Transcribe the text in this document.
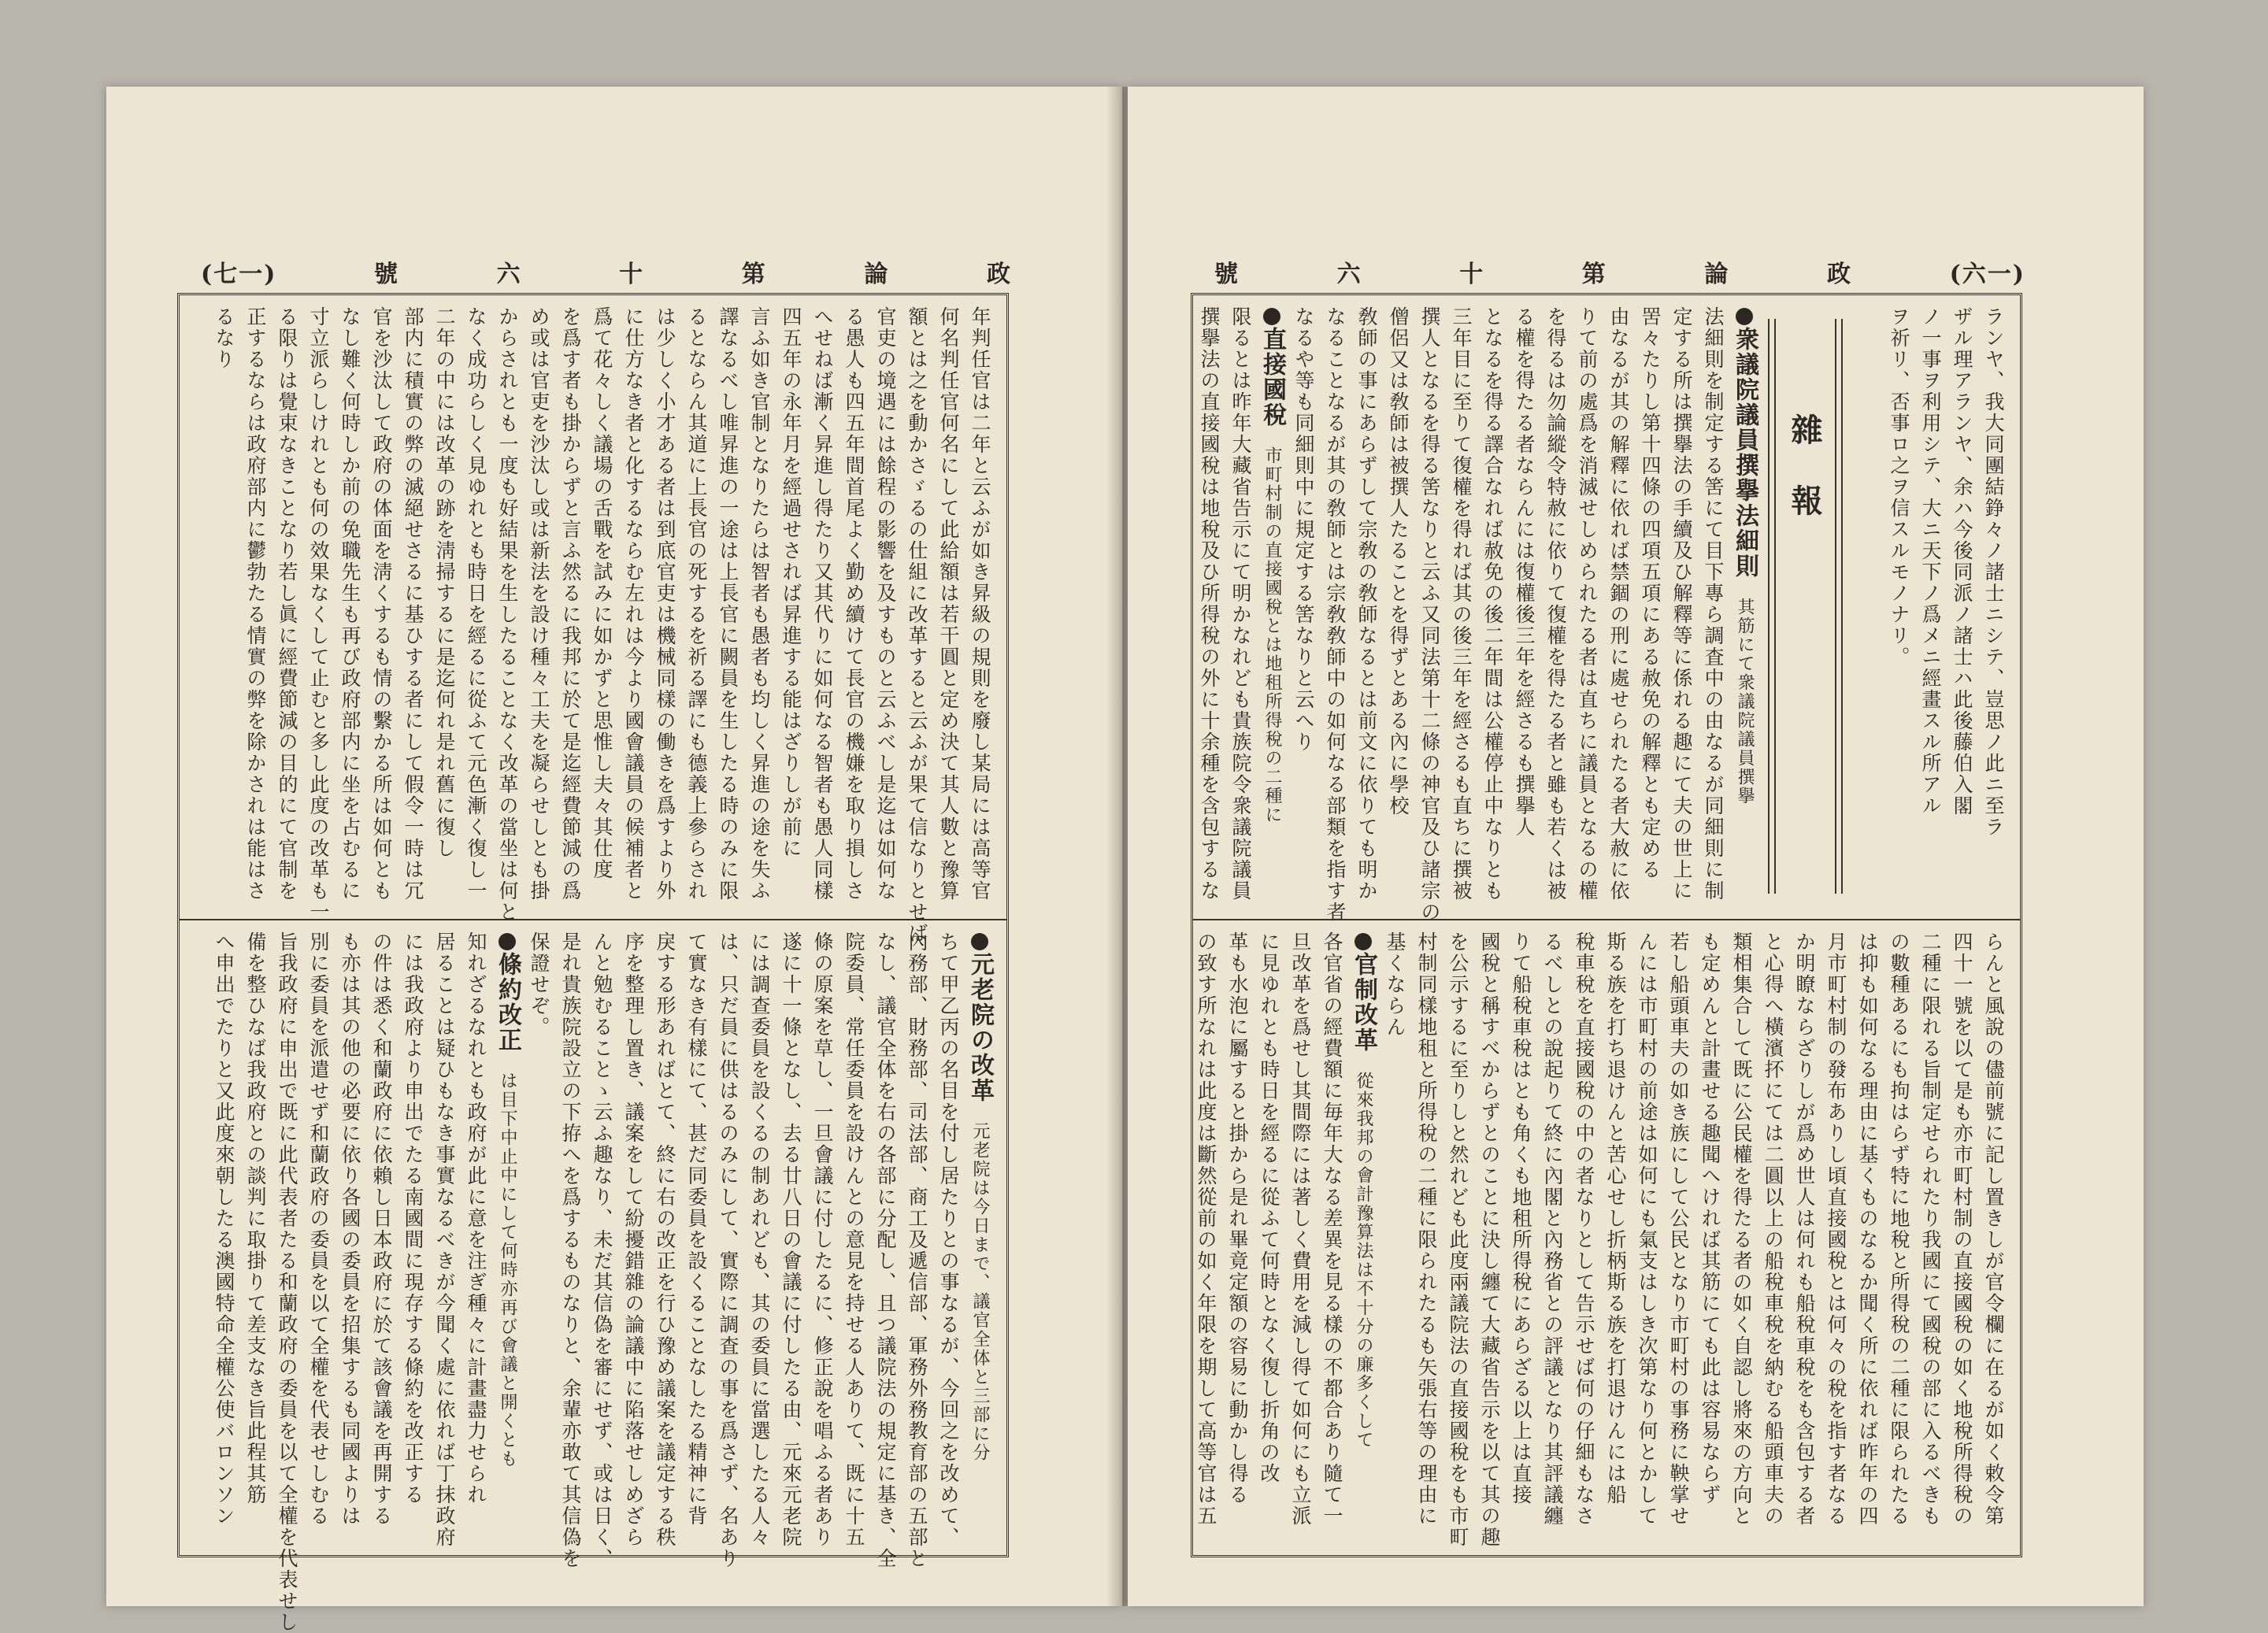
(七一)	號	六	十	第	論	政
年判任官は二年と云ふが如き昇級の規則を廢し某局には高等官
何名判任官何名にして此給額は若干圓と定め決て其人數と豫算
額とは之を動かさゞるの仕組に改革すると云ふが果て信なりとせば
官吏の境遇には餘程の影響を及すものと云ふべし是迄は如何な
る愚人も四五年間首尾よく勤め續けて長官の機嫌を取り損しさ
へせねば漸く昇進し得たり又其代りに如何なる智者も愚人同樣
四五年の永年月を經過せされば昇進する能はざりしが前に
言ふ如き官制となりたらは智者も愚者も均しく昇進の途を失ふ
譯なるべし唯昇進の一途は上長官に闕員を生したる時のみに限
るとならん其道に上長官の死するを祈る譯にも德義上參らされ
は少しく小才ある者は到底官吏は機械同樣の働きを爲すより外
に仕方なき者と化するならむ左れは今より國會議員の候補者と
爲て花々しく議場の舌戰を試みに如かずと思惟し夫々其仕度
を爲す者も掛からずと言ふ然るに我邦に於て是迄經費節減の爲
め或は官吏を沙汰し或は新法を設け種々工夫を凝らせしとも掛
からされとも一度も好結果を生したることなく改革の當坐は何と
なく成功らしく見ゆれとも時日を經るに從ふて元色漸く復し一
二年の中には改革の跡を淸掃するに是迄何れ是れ舊に復し
部内に積實の弊の滅絕せさるに基ひする者にして假令一時は冗
官を沙汰して政府の体面を淸くするも情の繫かる所は如何とも
なし難く何時しか前の免職先生も再び政府部内に坐を占むるに
寸立派らしけれとも何の效果なくして止むと多し此度の改革も一
る限りは覺束なきことなり若し眞に經費節減の目的にて官制を
正するならは政府部内に鬱勃たる情實の弊を除かされは能はさ
るなり
元老院の改革　元老院は今日まで、議官全体と三部に分
ちて甲乙丙の名目を付し居たりとの事なるが、今回之を改めて、
內務部、財務部、司法部、商工及遞信部、軍務外務教育部の五部と
なし、議官全体を右の各部に分配し、且つ議院法の規定に基き、全
院委員、常任委員を設けんとの意見を持せる人ありて、既に十五
條の原案を草し、一旦會議に付したるに、修正說を唱ふる者あり
遂に十一條となし、去る廿八日の會議に付したる由、元來元老院
には調查委員を設くるの制あれども、其の委員に當選したる人々
は、只だ員に供はるのみにして、實際に調査の事を爲さず、名あり
て實なき有樣にて、甚だ同委員を設くることなしたる精神に背
戾する形あればとて、終に右の改正を行ひ豫め議案を議定する秩
序を整理し置き、議案をして紛擾錯雜の論議中に陷落せしめざら
んと勉むることゝ云ふ趣なり、未だ其信偽を審にせず、或は日く、
是れ貴族院設立の下拵へを爲するものなりと、余輩亦敢て其信偽を
保證せぞ。
條約改正　は目下中止中にして何時亦再び會議と開くとも
知れざるなれとも政府が此に意を注ぎ種々に計畫盡力せられ
居ることは疑ひもなき事實なるべきが今聞く處に依れば丁抹政府
には我政府より申出でたる南國間に現存する條約を改正する
の件は悉く和蘭政府に依賴し日本政府に於て該會議を再開する
も亦は其の他の必要に依り各國の委員を招集するも同國よりは
別に委員を派遣せず和蘭政府の委員を以て全權を代表せしむる
旨我政府に申出で既に此代表者たる和蘭政府の委員を以て全權を代表せし
備を整ひなば我政府との談判に取掛りて差支なき旨此程其筋
へ申出でたりと又此度來朝したる澳國特命全權公使バロンソン
號	六	十	第	論	政	(六一)
ランヤ、我大同團結錚々ノ諸士ニシテ、豈思ノ此ニ至ラ
ザル理アランヤ、余ハ今後同派ノ諸士ハ此後藤伯入閣
ノ一事ヲ利用シテ、大ニ天下ノ爲メニ經畫スル所アル
ヲ祈リ、否事ロ之ヲ信スルモノナリ。
雜報
衆議院議員撰擧法細則　其筋にて衆議院議員撰擧
法細則を制定する筈にて目下專ら調査中の由なるが同細則に制
定する所は撰擧法の手續及ひ解釋等に係れる趣にて夫の世上に
罟々たりし第十四條の四項五項にある赦免の解釋とも定める
由なるが其の解釋に依れば禁錮の刑に處せられたる者大赦に依
りて前の處爲を消滅せしめられたる者は直ちに議員となるの權
を得るは勿論縱令特赦に依りて復權を得たる者と雖も若くは被
る權を得たる者ならんには復權後三年を經さるも撰擧人
となるを得る譯合なれば赦免の後二年間は公權停止中なりとも
三年目に至りて復權を得れば其の後三年を經さるも直ちに撰被
撰人となるを得る筈なりと云ふ又同法第十二條の神官及ひ諸宗の
僧侶又は敎師は被撰人たることを得ずとある內に學校
敎師の事にあらずして宗敎の敎師なるとは前文に依りても明か
なることなるが其の敎師とは宗敎敎師中の如何なる部類を指す者
なるや等も同細則中に規定する筈なりと云へり
直接國稅　市町村制の直接國稅とは地租所得稅の二種に
限るとは昨年大藏省告示にて明かなれども貴族院令衆議院議員
撰擧法の直接國稅は地稅及ひ所得稅の外に十余種を含包するな
らんと風說の儘前號に記し置きしが官令欄に在るが如く敕令第
四十一號を以て是も亦市町村制の直接國稅の如く地稅所得稅の
二種に限れる旨制定せられたり我國にて國稅の部に入るべきも
の數種あるにも拘はらず特に地稅と所得稅の二種に限られたる
は抑も如何なる理由に基くものなるか聞く所に依れば昨年の四
月市町村制の發布ありし頃直接國稅とは何々の稅を指す者なる
か明瞭ならざりしが爲め世人は何れも船稅車稅をも含包する者
と心得へ橫濱抔にては二圓以上の船稅車稅を納むる船頭車夫の
類相集合して既に公民權を得たる者の如く自認し將來の方向と
も定めんと計畫せる趣聞へければ其筋にても此は容易ならず
若し船頭車夫の如き族にして公民となり市町村の事務に鞅掌せ
んには市町村の前途は如何にも氣支はしき次第なり何とかして
斯る族を打ち退けんと苦心せし折柄斯る族を打退けんには船
稅車稅を直接國稅の中の者なりとして告示せば何の仔細もなさ
るべしとの說起りて終に內閣と內務省との評議となり其評議纏
りて船稅車稅はとも角くも地租所得稅にあらざる以上は直接
國稅と稱すべからずとのことに決し纏て大藏省告示を以て其の趣
を公示するに至りしと然れども此度兩議院法の直接國稅をも市町
村制同樣地租と所得稅の二種に限られたるも矢張右等の理由に
基くならん
官制改革　從來我邦の會計豫算法は不十分の廉多くして
各官省の經費額に毎年大なる差異を見る樣の不都合あり隨て一
旦改革を爲せし其間際には著しく費用を減し得て如何にも立派
に見ゆれとも時日を經るに從ふて何時となく復し折角の改
革も水泡に屬すると掛から是れ畢竟定額の容易に動かし得る
の致す所なれは此度は斷然從前の如く年限を期して高等官は五
